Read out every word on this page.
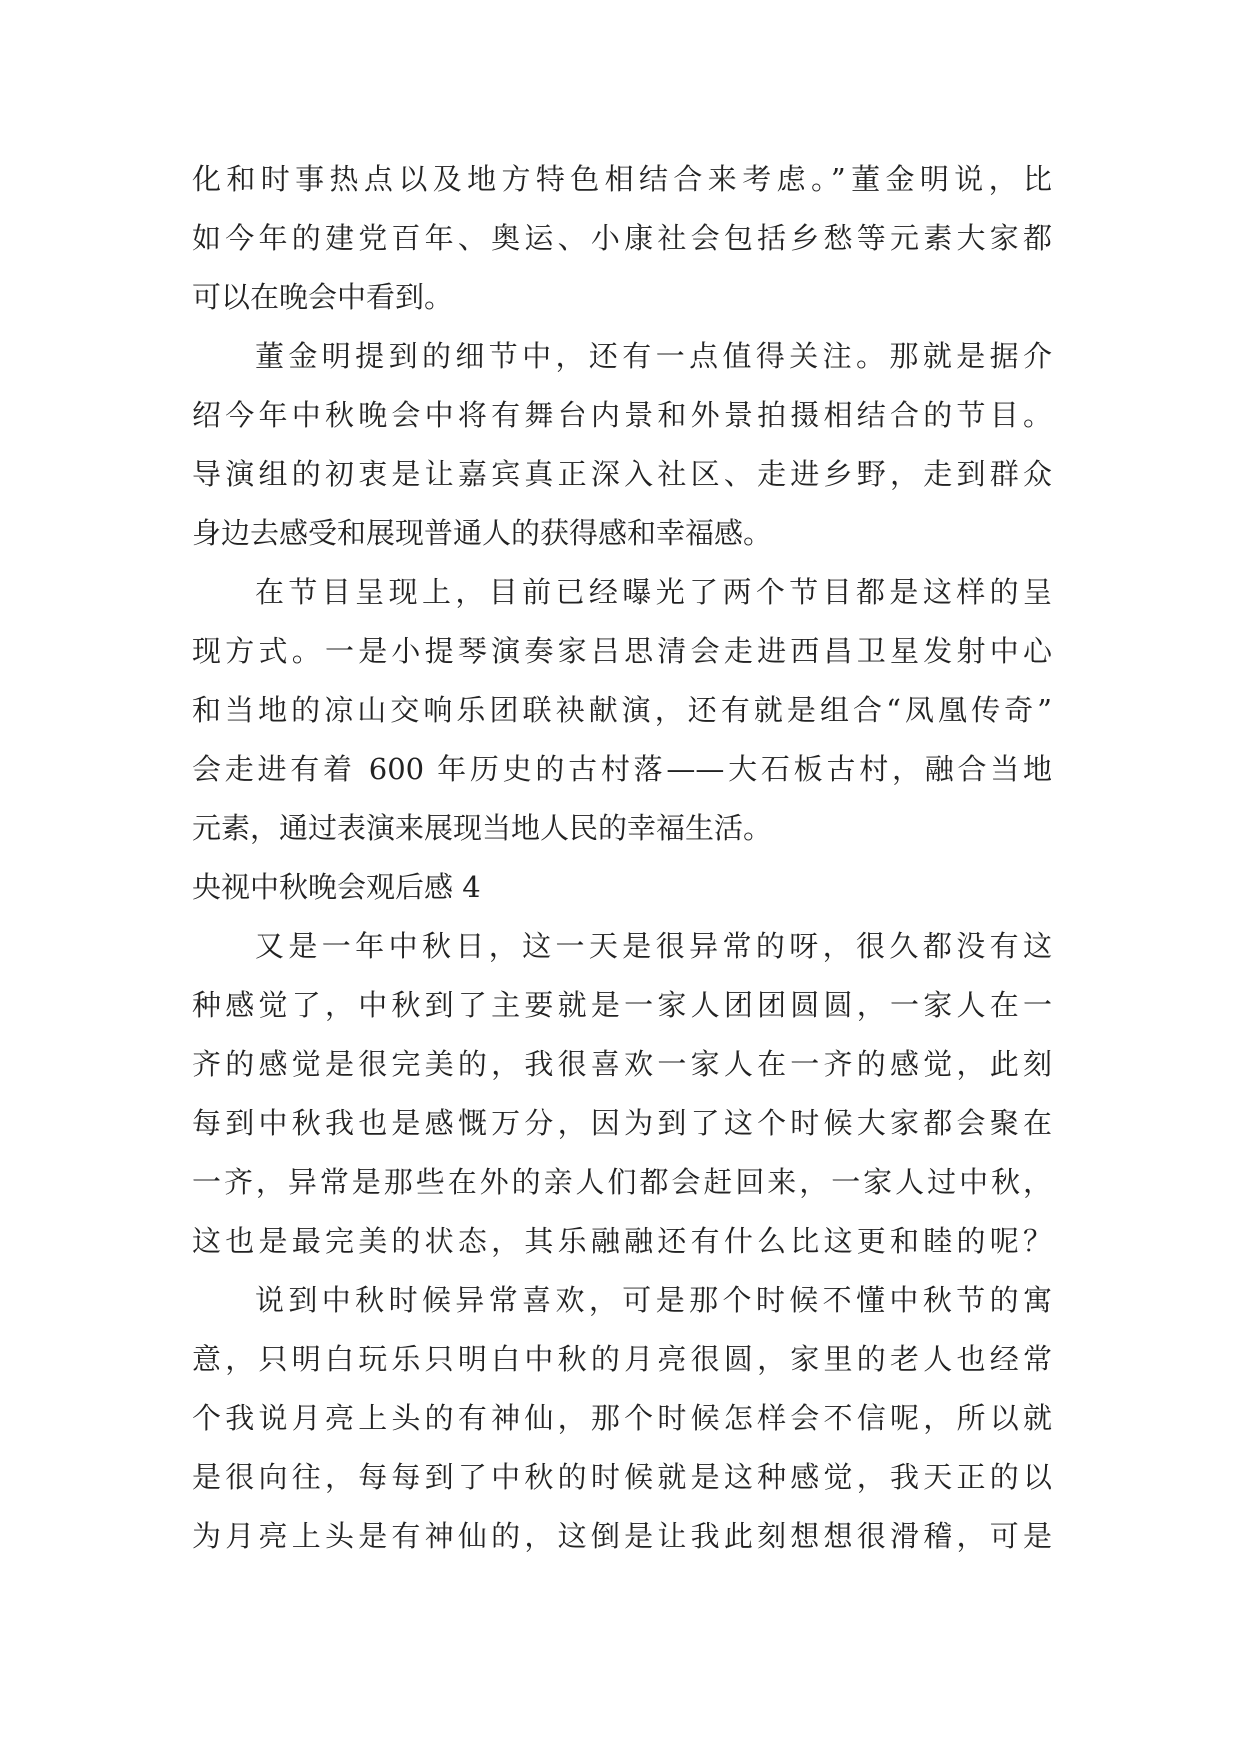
化和时事热点以及地方特色相结合来考虑。”董金明说，比
如今年的建党百年、奥运、小康社会包括乡愁等元素大家都
可以在晚会中看到。
董金明提到的细节中，还有一点值得关注。那就是据介
绍今年中秋晚会中将有舞台内景和外景拍摄相结合的节目。
导演组的初衷是让嘉宾真正深入社区、走进乡野，走到群众
身边去感受和展现普通人的获得感和幸福感。
在节目呈现上，目前已经曝光了两个节目都是这样的呈
现方式。一是小提琴演奏家吕思清会走进西昌卫星发射中心
和当地的凉山交响乐团联袂献演，还有就是组合“凤凰传奇”
会走进有着 600 年历史的古村落——大石板古村，融合当地
元素，通过表演来展现当地人民的幸福生活。
央视中秋晚会观后感 4
又是一年中秋日，这一天是很异常的呀，很久都没有这
种感觉了，中秋到了主要就是一家人团团圆圆，一家人在一
齐的感觉是很完美的，我很喜欢一家人在一齐的感觉，此刻
每到中秋我也是感慨万分，因为到了这个时候大家都会聚在
一齐，异常是那些在外的亲人们都会赶回来，一家人过中秋，
这也是最完美的状态，其乐融融还有什么比这更和睦的呢？
说到中秋时候异常喜欢，可是那个时候不懂中秋节的寓
意，只明白玩乐只明白中秋的月亮很圆，家里的老人也经常
个我说月亮上头的有神仙，那个时候怎样会不信呢，所以就
是很向往，每每到了中秋的时候就是这种感觉，我天正的以
为月亮上头是有神仙的，这倒是让我此刻想想很滑稽，可是
